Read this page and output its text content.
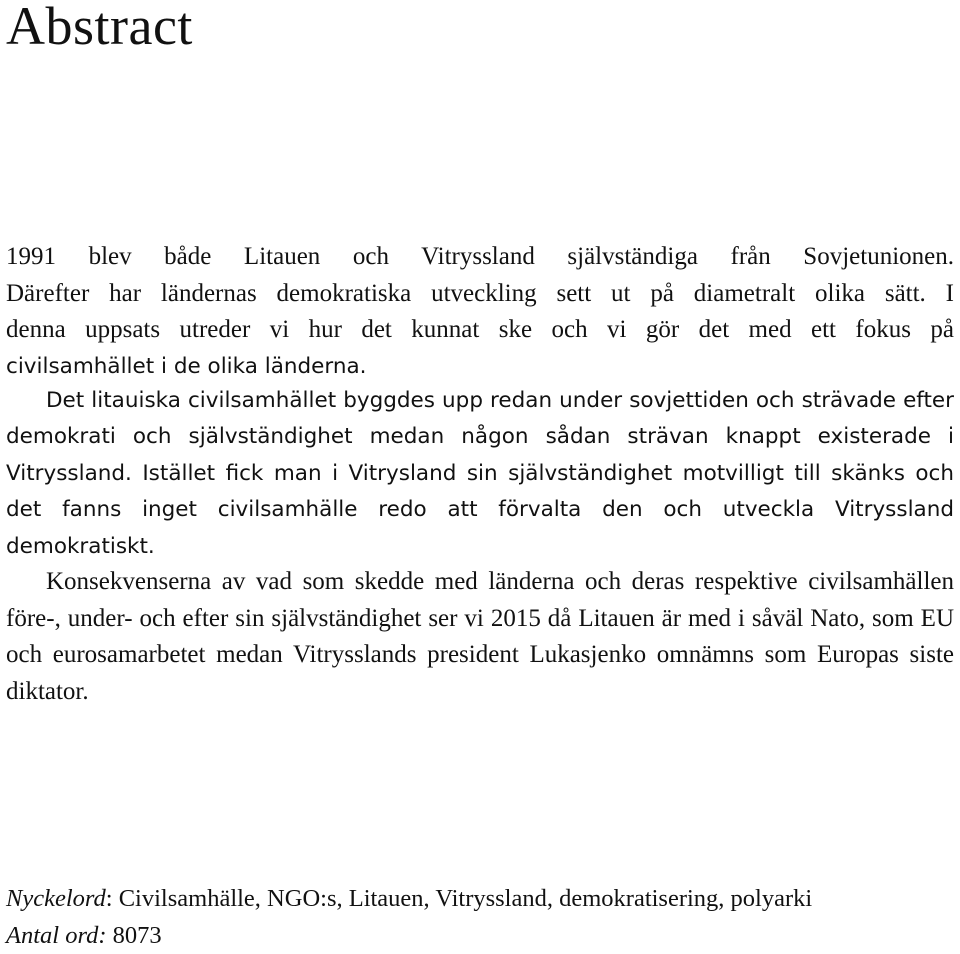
Abstract
1991 blev både Litauen och Vitryssland självständiga från Sovjetunionen.
Därefter har ländernas demokratiska utveckling sett ut på diametralt olika sätt. I
denna uppsats utreder vi hur det kunnat ske och vi gör det med ett fokus på
civilsamhället i de olika länderna.

Det litauiska civilsamhället byggdes upp redan under sovjettiden och strävade efter demokrati och självständighet medan någon sådan strävan knappt existerade i Vitryssland. Istället fick man i Vitrysland sin självständighet motvilligt till skänks och det fanns inget civilsamhälle redo att förvalta den och utveckla Vitryssland demokratiskt.

Konsekvenserna av vad som skedde med länderna och deras respektive civilsamhällen före-, under- och efter sin självständighet ser vi 2015 då Litauen är med i såväl Nato, som EU och eurosamarbetet medan Vitrysslands president Lukasjenko omnämns som Europas siste diktator.

Nyckelord: Civilsamhälle, NGO:s, Litauen, Vitryssland, demokratisering, polyarki
Antal ord: 8073
